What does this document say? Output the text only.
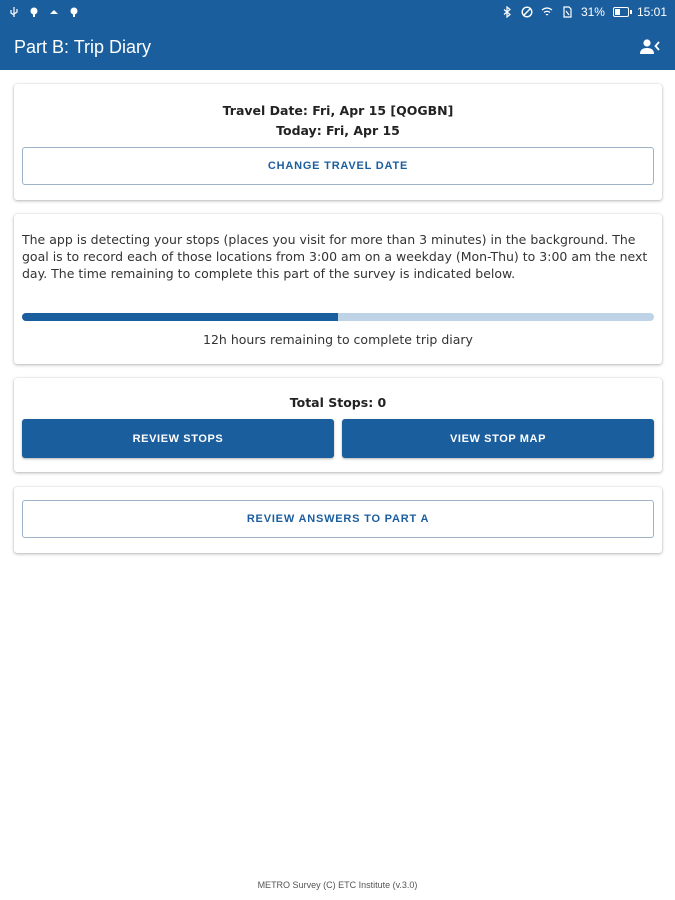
31%	15:01
Part B: Trip Diary
Travel Date: Fri, Apr 15 [QOGBN]
Today: Fri, Apr 15
CHANGE TRAVEL DATE
The app is detecting your stops (places you visit for more than 3 minutes) in the background. The goal is to record each of those locations from 3:00 am on a weekday (Mon-Thu) to 3:00 am the next day. The time remaining to complete this part of the survey is indicated below.
12h hours remaining to complete trip diary
Total Stops: 0
REVIEW STOPS	VIEW STOP MAP
REVIEW ANSWERS TO PART A
METRO Survey (C) ETC Institute (v.3.0)
